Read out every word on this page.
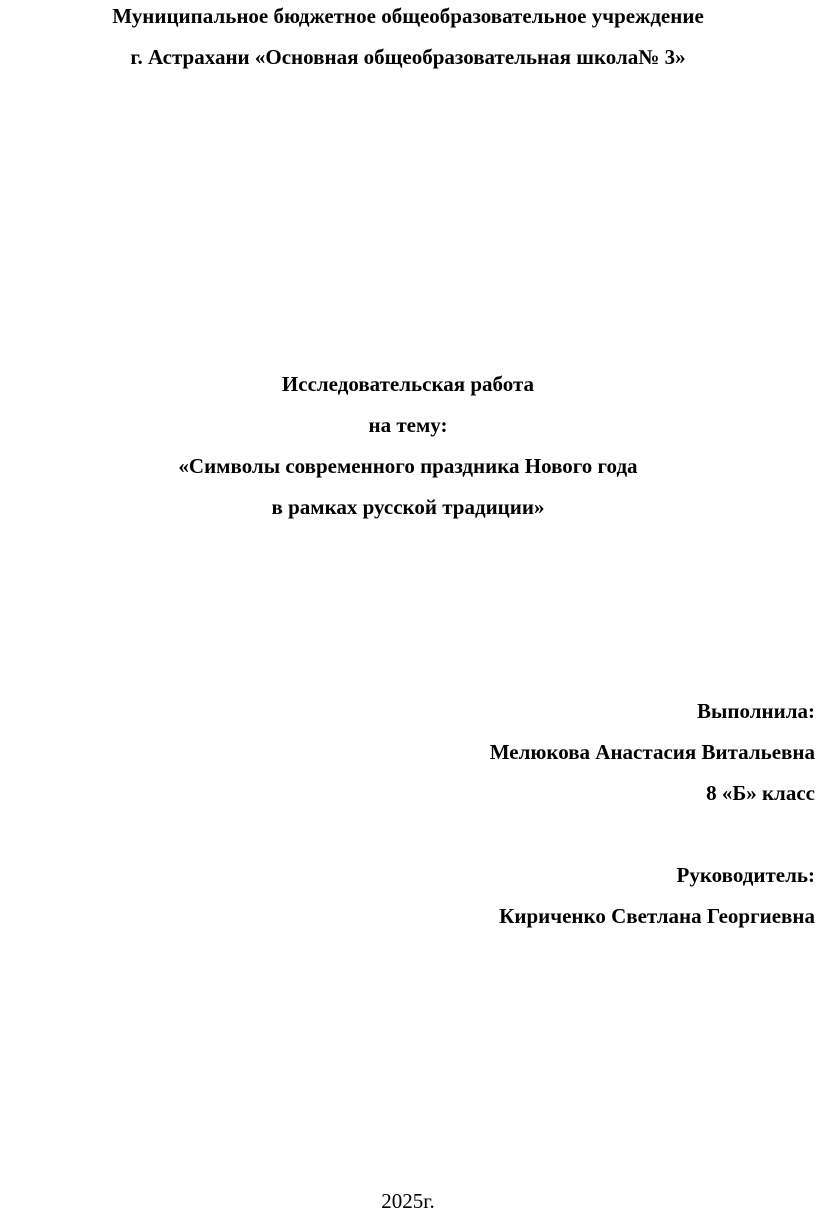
Муниципальное бюджетное общеобразовательное учреждение
г. Астрахани «Основная общеобразовательная школа№ 3»
Исследовательская работа
на тему:
«Символы современного праздника Нового года
в рамках русской традиции»
Выполнила:
Мелюкова Анастасия Витальевна
8 «Б» класс
Руководитель:
Кириченко Светлана Георгиевна
2025г.
